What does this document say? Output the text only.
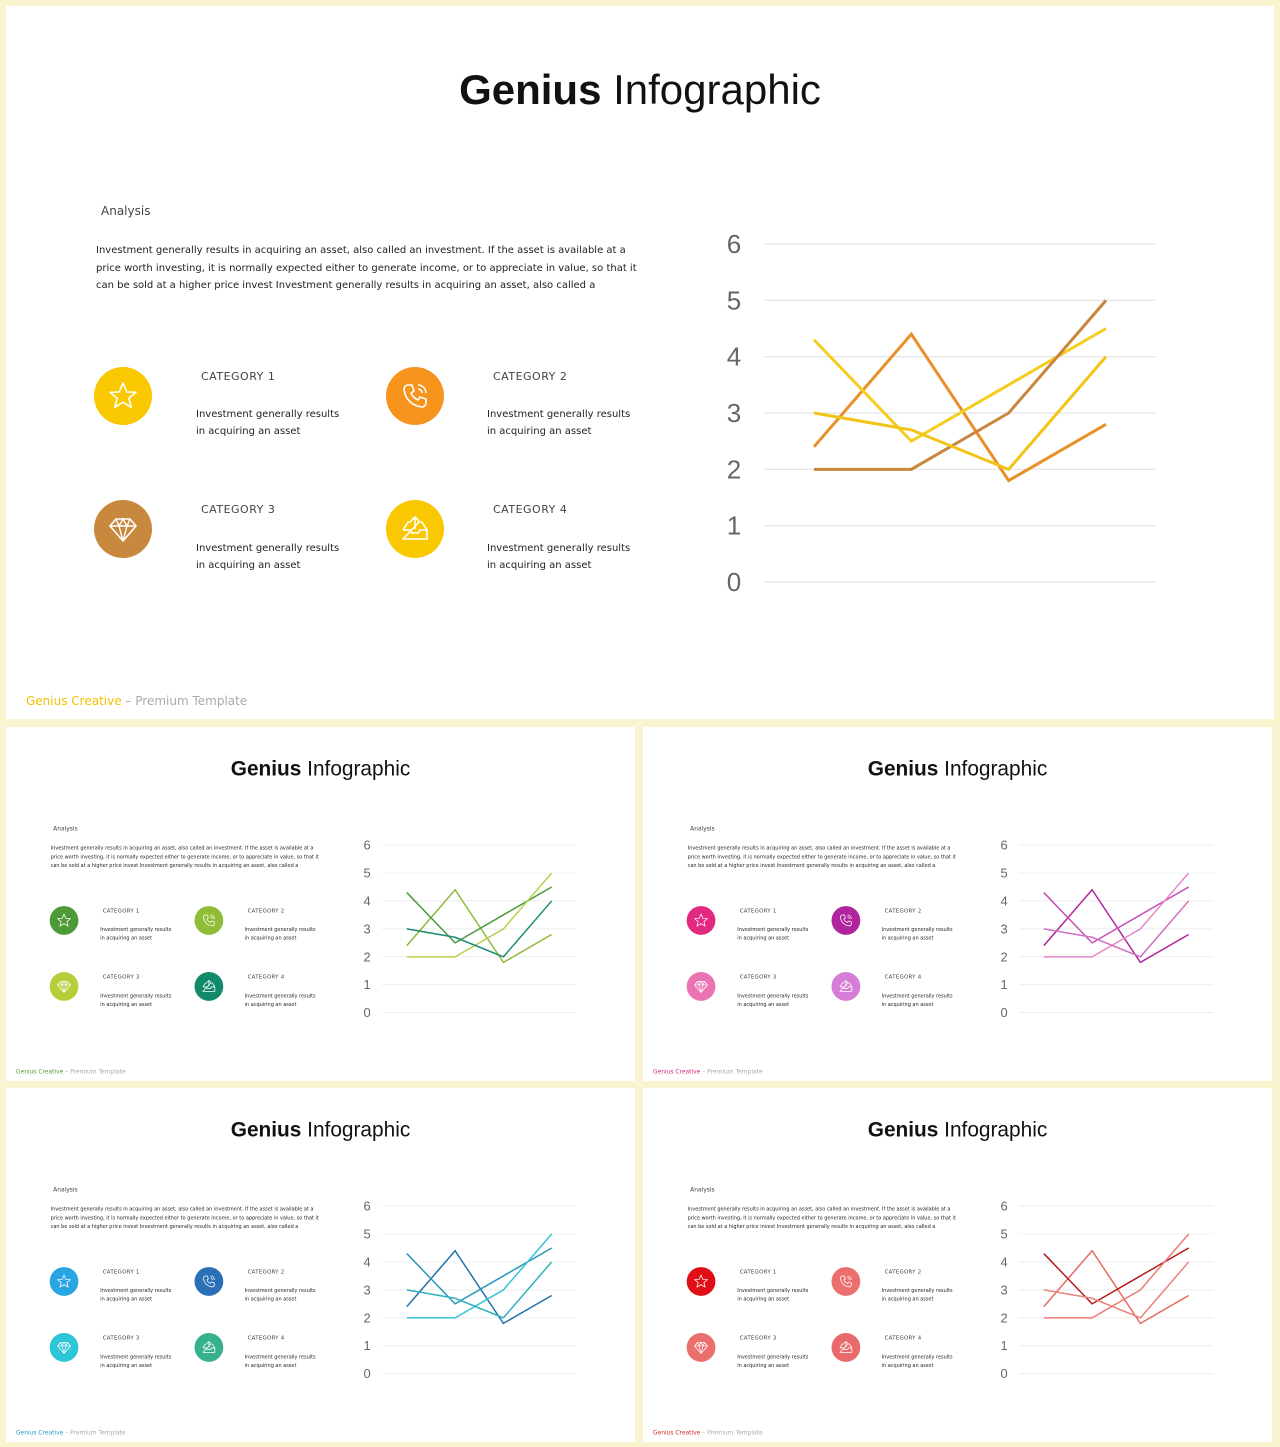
Genius Infographic
Analysis
Investment generally results in acquiring an asset, also called an investment. If the asset is available at a price worth investing, it is normally expected either to generate income, or to appreciate in value, so that it can be sold at a higher price invest Investment generally results in acquiring an asset, also called a
CATEGORY 1
Investment generally results in acquiring an asset
CATEGORY 2
Investment generally results in acquiring an asset
CATEGORY 3
Investment generally results in acquiring an asset
CATEGORY 4
Investment generally results in acquiring an asset
0
1
2
3
4
5
6
Genius Creative – Premium Template
Genius Infographic
Analysis
Investment generally results in acquiring an asset, also called an investment. If the asset is available at a price worth investing, it is normally expected either to generate income, or to appreciate in value, so that it can be sold at a higher price invest Investment generally results in acquiring an asset, also called a
CATEGORY 1
Investment generally results in acquiring an asset
CATEGORY 2
Investment generally results in acquiring an asset
CATEGORY 3
Investment generally results in acquiring an asset
CATEGORY 4
Investment generally results in acquiring an asset
0
1
2
3
4
5
6
Genius Creative – Premium Template
Genius Infographic
Analysis
Investment generally results in acquiring an asset, also called an investment. If the asset is available at a price worth investing, it is normally expected either to generate income, or to appreciate in value, so that it can be sold at a higher price invest Investment generally results in acquiring an asset, also called a
CATEGORY 1
Investment generally results in acquiring an asset
CATEGORY 2
Investment generally results in acquiring an asset
CATEGORY 3
Investment generally results in acquiring an asset
CATEGORY 4
Investment generally results in acquiring an asset
0
1
2
3
4
5
6
Genius Creative – Premium Template
Genius Infographic
Analysis
Investment generally results in acquiring an asset, also called an investment. If the asset is available at a price worth investing, it is normally expected either to generate income, or to appreciate in value, so that it can be sold at a higher price invest Investment generally results in acquiring an asset, also called a
CATEGORY 1
Investment generally results in acquiring an asset
CATEGORY 2
Investment generally results in acquiring an asset
CATEGORY 3
Investment generally results in acquiring an asset
CATEGORY 4
Investment generally results in acquiring an asset
0
1
2
3
4
5
6
Genius Creative – Premium Template
Genius Infographic
Analysis
Investment generally results in acquiring an asset, also called an investment. If the asset is available at a price worth investing, it is normally expected either to generate income, or to appreciate in value, so that it can be sold at a higher price invest Investment generally results in acquiring an asset, also called a
CATEGORY 1
Investment generally results in acquiring an asset
CATEGORY 2
Investment generally results in acquiring an asset
CATEGORY 3
Investment generally results in acquiring an asset
CATEGORY 4
Investment generally results in acquiring an asset
0
1
2
3
4
5
6
Genius Creative – Premium Template
